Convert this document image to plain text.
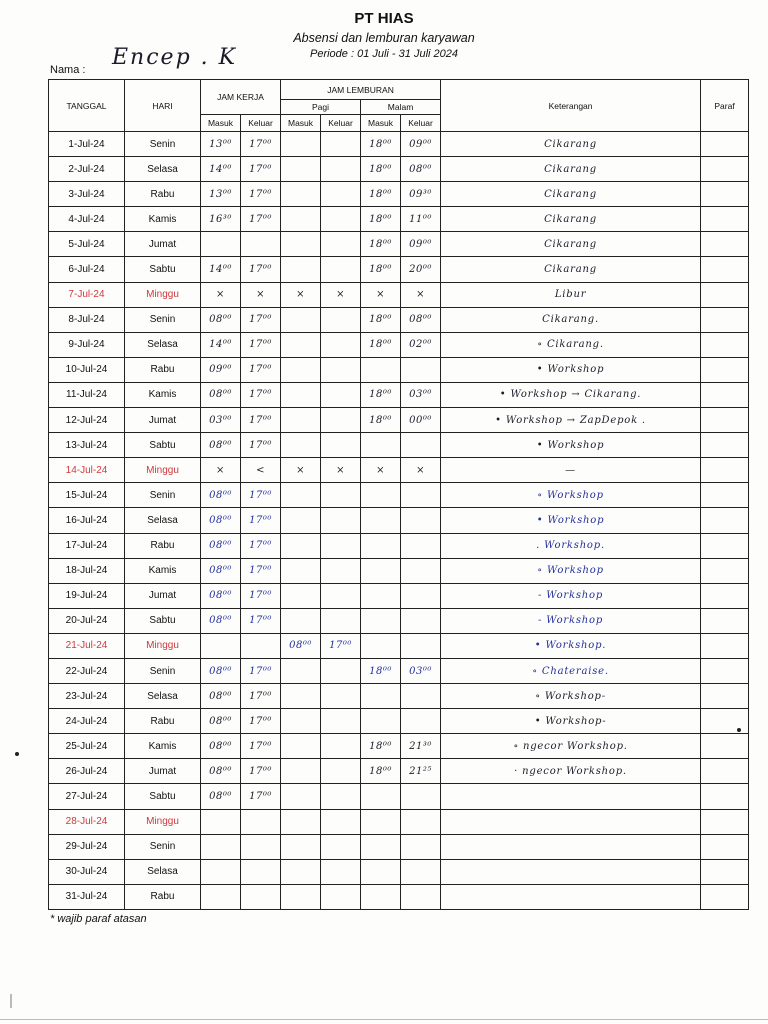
PT HIAS
Absensi dan lemburan karyawan
Periode : 01 Juli - 31 Juli 2024
Nama : Encep . K
TANGGAL	HARI	JAM KERJA		JAM LEMBURAN				Keterangan	Paraf
				Pagi		Malam			
		Masuk	Keluar	Masuk	Keluar	Masuk	Keluar		
1-Jul-24	Senin	13⁰⁰	17⁰⁰			18⁰⁰	09⁰⁰	Cikarang	
2-Jul-24	Selasa	14⁰⁰	17⁰⁰			18⁰⁰	08⁰⁰	Cikarang	
3-Jul-24	Rabu	13⁰⁰	17⁰⁰			18⁰⁰	09³⁰	Cikarang	
4-Jul-24	Kamis	16³⁰	17⁰⁰			18⁰⁰	11⁰⁰	Cikarang	
5-Jul-24	Jumat					18⁰⁰	09⁰⁰	Cikarang	
6-Jul-24	Sabtu	14⁰⁰	17⁰⁰			18⁰⁰	20⁰⁰	Cikarang	
7-Jul-24	Minggu	×	×	×	×	×	×	Libur	
8-Jul-24	Senin	08⁰⁰	17⁰⁰			18⁰⁰	08⁰⁰	Cikarang.	
9-Jul-24	Selasa	14⁰⁰	17⁰⁰			18⁰⁰	02⁰⁰	∘ Cikarang.	
10-Jul-24	Rabu	09⁰⁰	17⁰⁰					• Workshop	
11-Jul-24	Kamis	08⁰⁰	17⁰⁰			18⁰⁰	03⁰⁰	• Workshop → Cikarang.	
12-Jul-24	Jumat	03⁰⁰	17⁰⁰			18⁰⁰	00⁰⁰	• Workshop → ZapDepok .	
13-Jul-24	Sabtu	08⁰⁰	17⁰⁰					• Workshop	
14-Jul-24	Minggu	×	<	×	×	×	×	—	
15-Jul-24	Senin	08⁰⁰	17⁰⁰					∘ Workshop	
16-Jul-24	Selasa	08⁰⁰	17⁰⁰					• Workshop	
17-Jul-24	Rabu	08⁰⁰	17⁰⁰					. Workshop.	
18-Jul-24	Kamis	08⁰⁰	17⁰⁰					∘ Workshop	
19-Jul-24	Jumat	08⁰⁰	17⁰⁰					- Workshop	
20-Jul-24	Sabtu	08⁰⁰	17⁰⁰					- Workshop	
21-Jul-24	Minggu			08⁰⁰	17⁰⁰			• Workshop.	
22-Jul-24	Senin	08⁰⁰	17⁰⁰			18⁰⁰	03⁰⁰	∘ Chateraise.	
23-Jul-24	Selasa	08⁰⁰	17⁰⁰					∘ Workshop-	
24-Jul-24	Rabu	08⁰⁰	17⁰⁰					• Workshop-	
25-Jul-24	Kamis	08⁰⁰	17⁰⁰			18⁰⁰	21³⁰	∘ ngecor Workshop.	
26-Jul-24	Jumat	08⁰⁰	17⁰⁰			18⁰⁰	21²⁵	· ngecor Workshop.	
27-Jul-24	Sabtu	08⁰⁰	17⁰⁰						
28-Jul-24	Minggu								
29-Jul-24	Senin								
30-Jul-24	Selasa								
31-Jul-24	Rabu								
* wajib paraf atasan
